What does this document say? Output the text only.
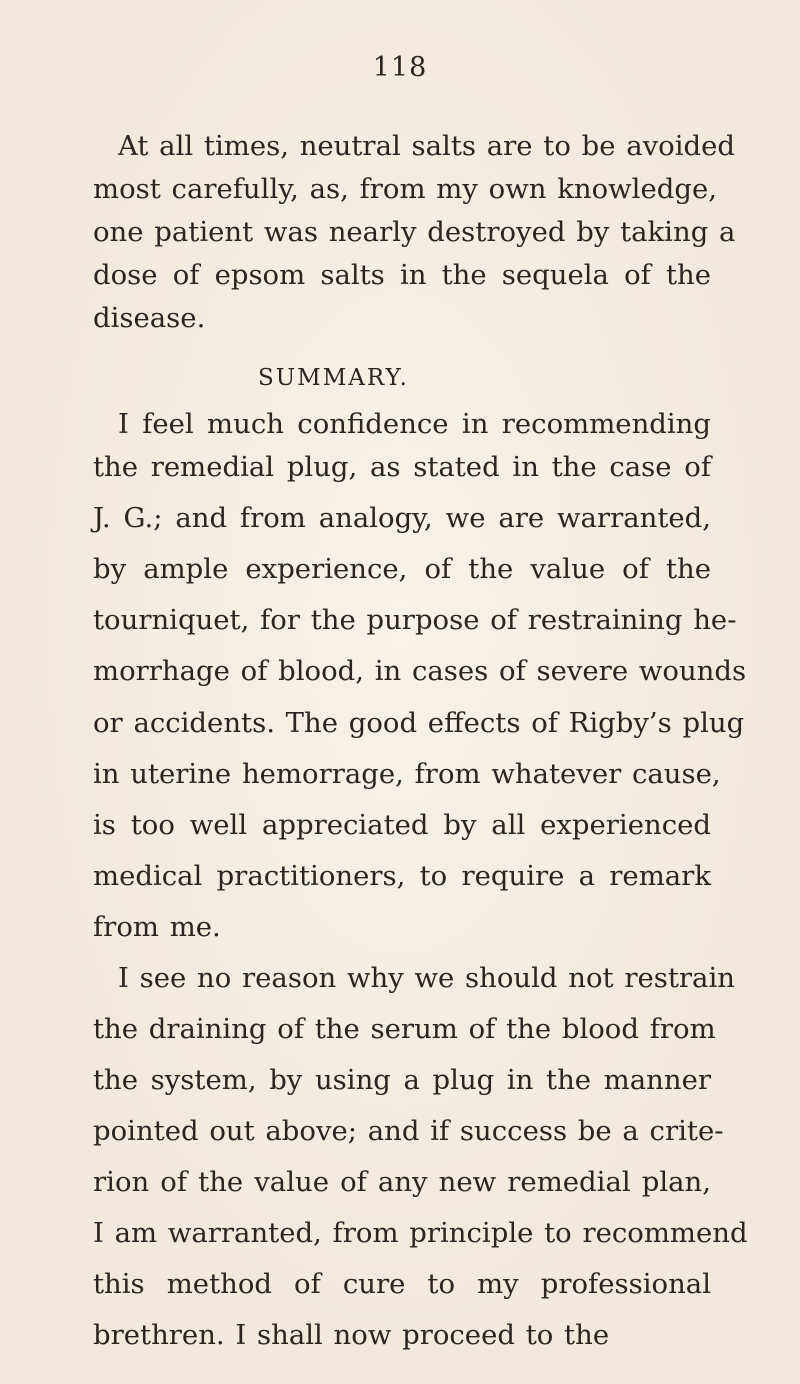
118
At all times, neutral salts are to be avoided
most carefully, as, from my own knowledge,
one patient was nearly destroyed by taking a
dose of epsom salts in the sequela of the
disease.
SUMMARY.
I feel much confidence in recommending
the remedial plug, as stated in the case of
J. G.; and from analogy, we are warranted,
by ample experience, of the value of the
tourniquet, for the purpose of restraining he-
morrhage of blood, in cases of severe wounds
or accidents. The good effects of Rigby’s plug
in uterine hemorrage, from whatever cause,
is too well appreciated by all experienced
medical practitioners, to require a remark
from me.
I see no reason why we should not restrain
the draining of the serum of the blood from
the system, by using a plug in the manner
pointed out above; and if success be a crite-
rion of the value of any new remedial plan,
I am warranted, from principle to recommend
this method of cure to my professional
brethren. I shall now proceed to the
